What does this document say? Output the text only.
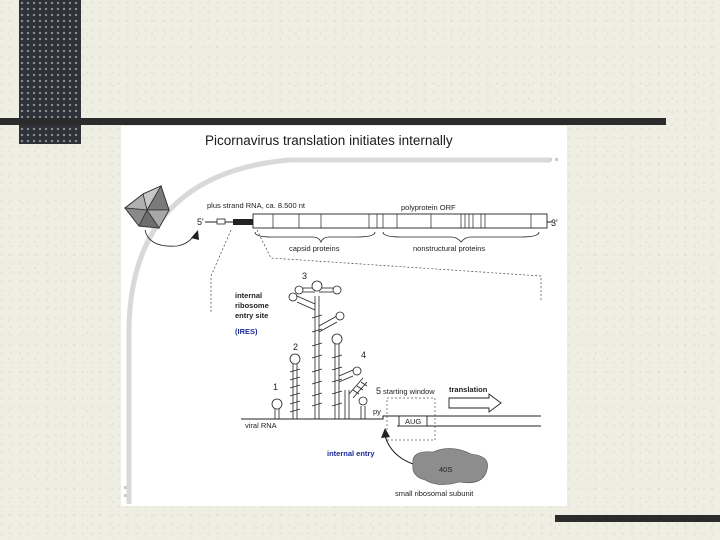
Picornavirus translation initiates internally
plus strand RNA, ca. 8.500 nt
5'	3'
polyprotein ORF
capsid proteins	nonstructural proteins
internal
ribosome
entry site
(IRES)
3
2
4
1	5
viral RNA
py
starting window
AUG
translation
internal entry
40S
small ribosomal subunit
